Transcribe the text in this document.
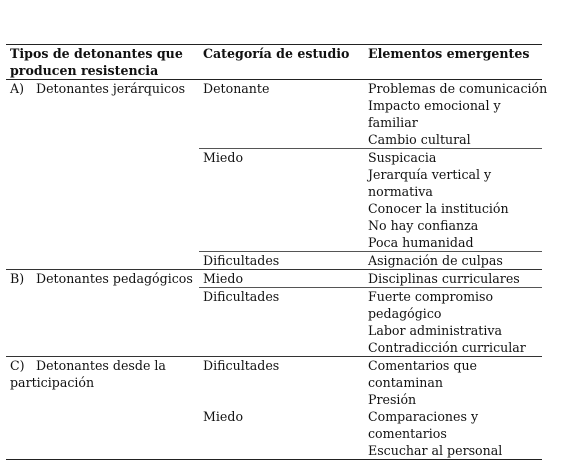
Tipos de detonantes que producen resistencia	Categoría de estudio	Elementos emergentes
A) Detonantes jerárquicos	Detonante	Problemas de comunicación
Impacto emocional y familiar
Cambio cultural

	Miedo	Suspicacia
Jerarquía vertical y normativa
Conocer la institución
No hay confianza
Poca humanidad

	Dificultades	Asignación de culpas

B) Detonantes pedagógicos	Miedo	Disciplinas curriculares

	Dificultades	Fuerte compromiso pedagógico
Labor administrativa
Contradicción curricular

C) Detonantes desde la participación	Dificultades	Comentarios que contaminan
Presión

	Miedo	Comparaciones y comentarios
Escuchar al personal
